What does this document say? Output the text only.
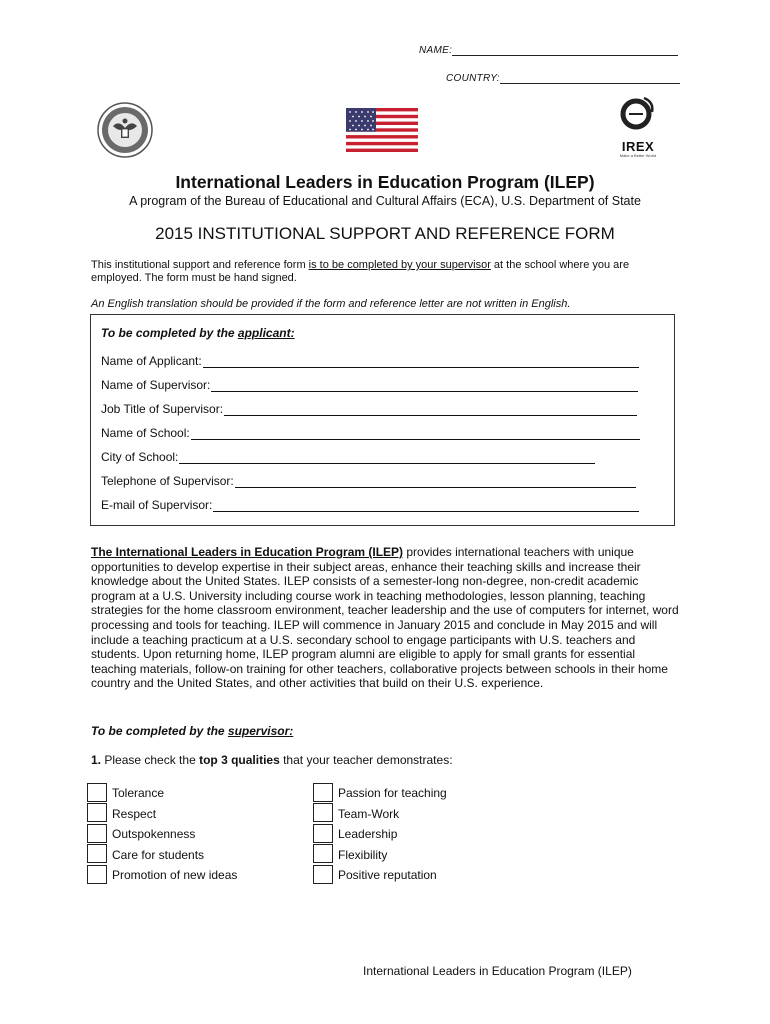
NAME:
COUNTRY:
IREX
Make a Better World
International Leaders in Education Program (ILEP)
A program of the Bureau of Educational and Cultural Affairs (ECA), U.S. Department of State
2015 INSTITUTIONAL SUPPORT AND REFERENCE FORM
This institutional support and reference form is to be completed by your supervisor at the school where you are employed. The form must be hand signed.
An English translation should be provided if the form and reference letter are not written in English.
To be completed by the applicant:
Name of Applicant:
Name of Supervisor:
Job Title of Supervisor:
Name of School:
City of School:
Telephone of Supervisor:
E-mail of Supervisor:
The International Leaders in Education Program (ILEP) provides international teachers with unique opportunities to develop expertise in their subject areas, enhance their teaching skills and increase their knowledge about the United States. ILEP consists of a semester-long non-degree, non-credit academic program at a U.S. University including course work in teaching methodologies, lesson planning, teaching strategies for the home classroom environment, teacher leadership and the use of computers for internet, word processing and tools for teaching. ILEP will commence in January 2015 and conclude in May 2015 and will include a teaching practicum at a U.S. secondary school to engage participants with U.S. teachers and students. Upon returning home, ILEP program alumni are eligible to apply for small grants for essential teaching materials, follow-on training for other teachers, collaborative projects between schools in their home country and the United States, and other activities that build on their U.S. experience.
To be completed by the supervisor:
1. Please check the top 3 qualities that your teacher demonstrates:
Tolerance
Respect
Outspokenness
Care for students
Promotion of new ideas
Passion for teaching
Team-Work
Leadership
Flexibility
Positive reputation
International Leaders in Education Program (ILEP)
